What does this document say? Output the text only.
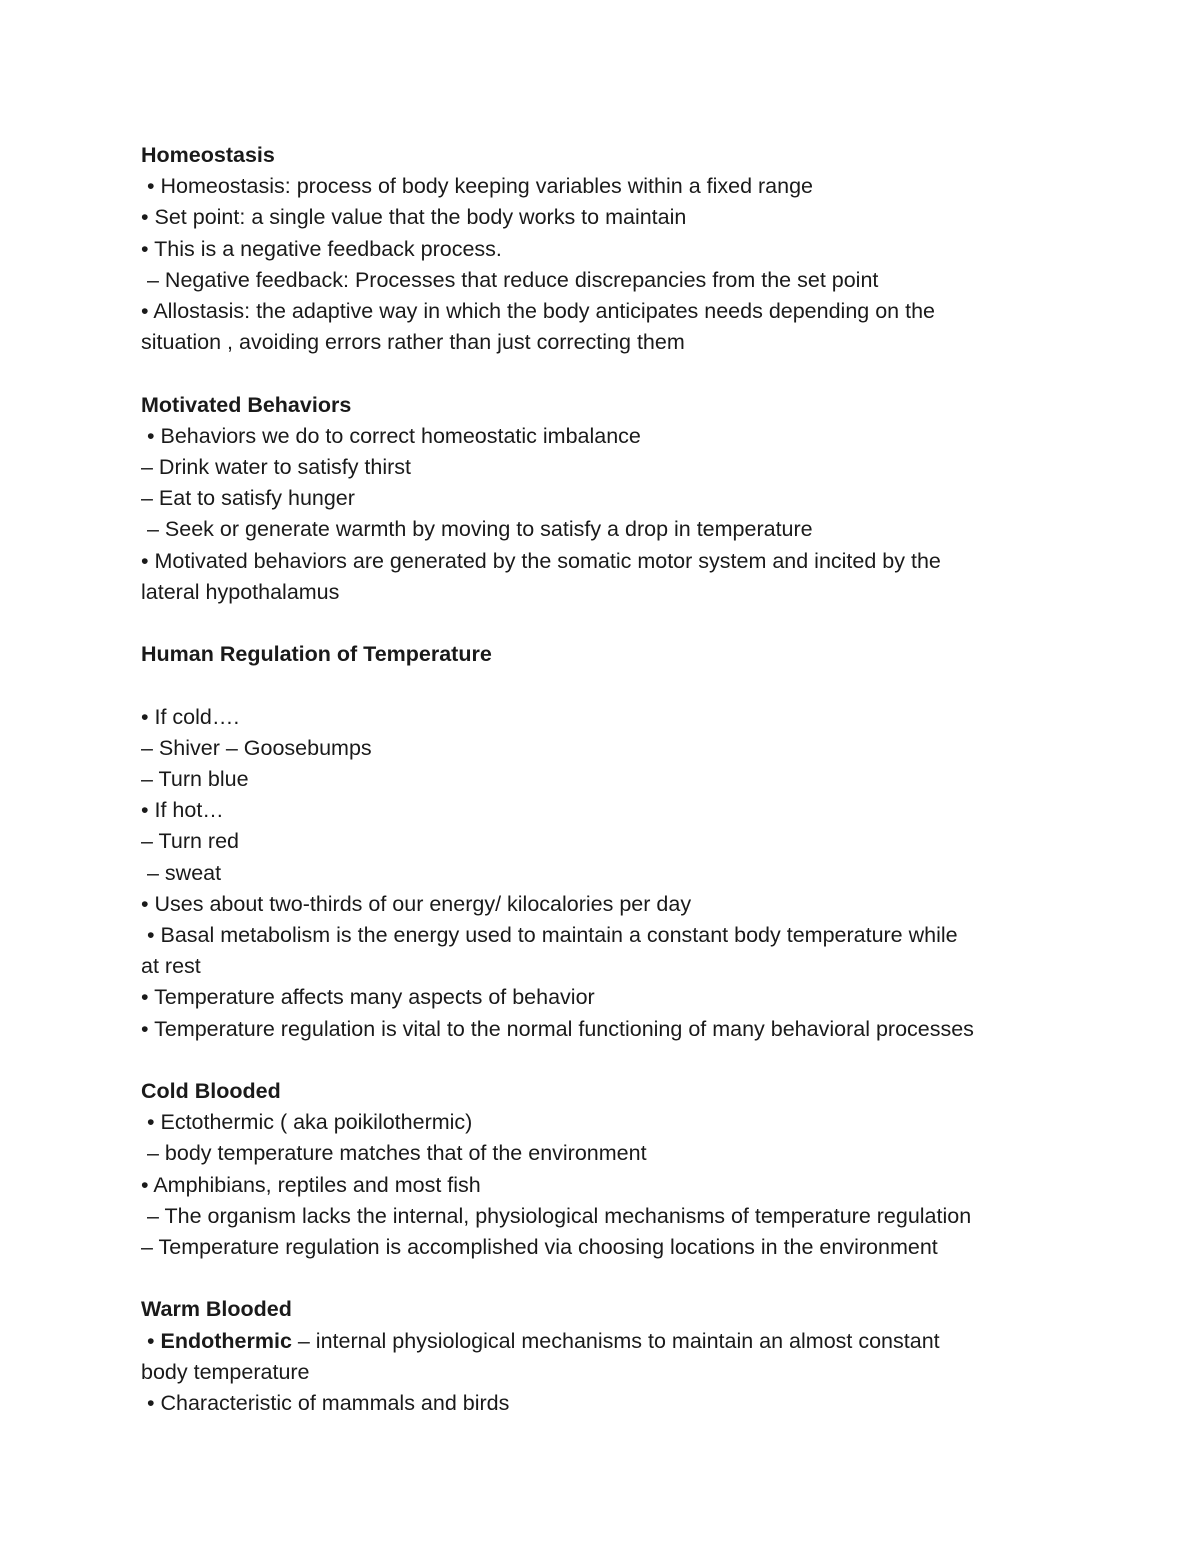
Homeostasis
• Homeostasis: process of body keeping variables within a fixed range
• Set point: a single value that the body works to maintain
• This is a negative feedback process.
– Negative feedback: Processes that reduce discrepancies from the set point
• Allostasis: the adaptive way in which the body anticipates needs depending on the
situation , avoiding errors rather than just correcting them
Motivated Behaviors
• Behaviors we do to correct homeostatic imbalance
– Drink water to satisfy thirst
– Eat to satisfy hunger
– Seek or generate warmth by moving to satisfy a drop in temperature
• Motivated behaviors are generated by the somatic motor system and incited by the
lateral hypothalamus
Human Regulation of Temperature
• If cold….
– Shiver – Goosebumps
– Turn blue
• If hot…
– Turn red
– sweat
• Uses about two-thirds of our energy/ kilocalories per day
• Basal metabolism is the energy used to maintain a constant body temperature while
at rest
• Temperature affects many aspects of behavior
• Temperature regulation is vital to the normal functioning of many behavioral processes
Cold Blooded
• Ectothermic ( aka poikilothermic)
– body temperature matches that of the environment
• Amphibians, reptiles and most fish
– The organism lacks the internal, physiological mechanisms of temperature regulation
– Temperature regulation is accomplished via choosing locations in the environment
Warm Blooded
• Endothermic – internal physiological mechanisms to maintain an almost constant
body temperature
• Characteristic of mammals and birds
